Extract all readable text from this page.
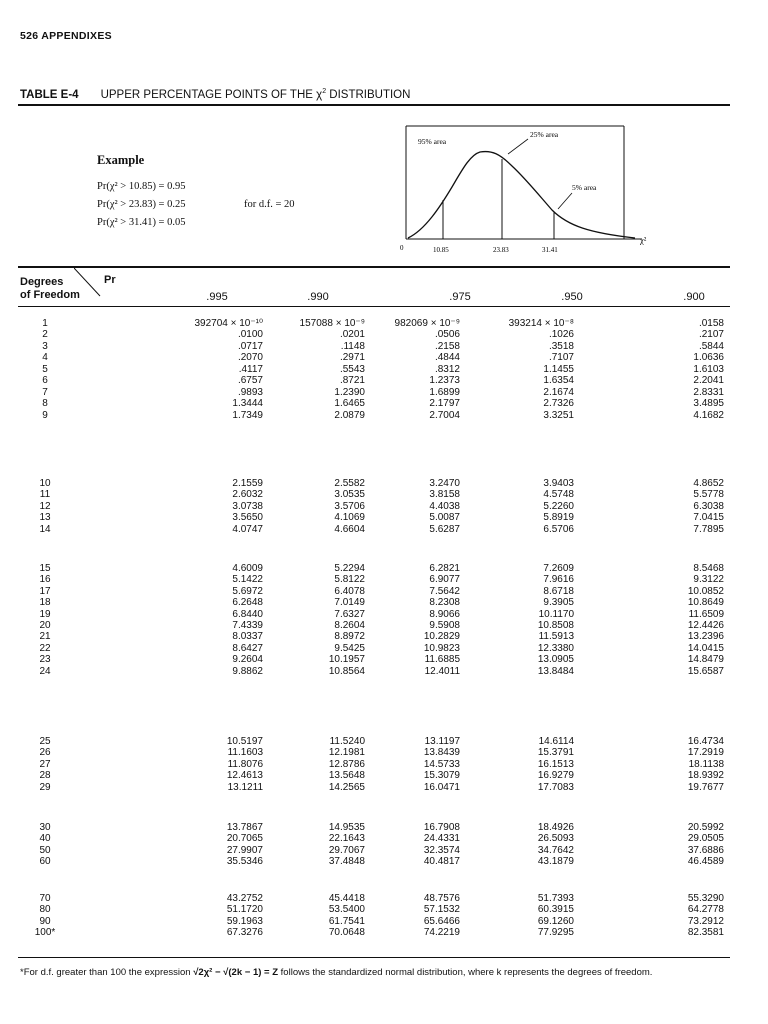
526 APPENDIXES
TABLE E-4 UPPER PERCENTAGE POINTS OF THE $\chi^2$ DISTRIBUTION
Example
Pr(χ² > 10.85) = 0.95
Pr(χ² > 23.83) = 0.25
Pr(χ² > 31.41) = 0.05
for d.f. = 20
95% area
25% area
5% area
0	10.85	23.83	31.41
χ²
Degrees
of Freedom
Pr
.995	.990	.975	.950	.900
1	392704 × 10⁻¹⁰	157088 × 10⁻⁹	982069 × 10⁻⁹	393214 × 10⁻⁸	.0158
2	.0100	.0201	.0506	.1026	.2107
3	.0717	.1148	.2158	.3518	.5844
4	.2070	.2971	.4844	.7107	1.0636
5	.4117	.5543	.8312	1.1455	1.6103
6	.6757	.8721	1.2373	1.6354	2.2041
7	.9893	1.2390	1.6899	2.1674	2.8331
8	1.3444	1.6465	2.1797	2.7326	3.4895
9	1.7349	2.0879	2.7004	3.3251	4.1682
10	2.1559	2.5582	3.2470	3.9403	4.8652
11	2.6032	3.0535	3.8158	4.5748	5.5778
12	3.0738	3.5706	4.4038	5.2260	6.3038
13	3.5650	4.1069	5.0087	5.8919	7.0415
14	4.0747	4.6604	5.6287	6.5706	7.7895
15	4.6009	5.2294	6.2821	7.2609	8.5468
16	5.1422	5.8122	6.9077	7.9616	9.3122
17	5.6972	6.4078	7.5642	8.6718	10.0852
18	6.2648	7.0149	8.2308	9.3905	10.8649
19	6.8440	7.6327	8.9066	10.1170	11.6509
20	7.4339	8.2604	9.5908	10.8508	12.4426
21	8.0337	8.8972	10.2829	11.5913	13.2396
22	8.6427	9.5425	10.9823	12.3380	14.0415
23	9.2604	10.1957	11.6885	13.0905	14.8479
24	9.8862	10.8564	12.4011	13.8484	15.6587
25	10.5197	11.5240	13.1197	14.6114	16.4734
26	11.1603	12.1981	13.8439	15.3791	17.2919
27	11.8076	12.8786	14.5733	16.1513	18.1138
28	12.4613	13.5648	15.3079	16.9279	18.9392
29	13.1211	14.2565	16.0471	17.7083	19.7677
30	13.7867	14.9535	16.7908	18.4926	20.5992
40	20.7065	22.1643	24.4331	26.5093	29.0505
50	27.9907	29.7067	32.3574	34.7642	37.6886
60	35.5346	37.4848	40.4817	43.1879	46.4589
70	43.2752	45.4418	48.7576	51.7393	55.3290
80	51.1720	53.5400	57.1532	60.3915	64.2778
90	59.1963	61.7541	65.6466	69.1260	73.2912
100*	67.3276	70.0648	74.2219	77.9295	82.3581
*For d.f. greater than 100 the expression √2χ² − √(2k − 1) = Z follows the standardized normal distribution, where k represents the degrees of freedom.
